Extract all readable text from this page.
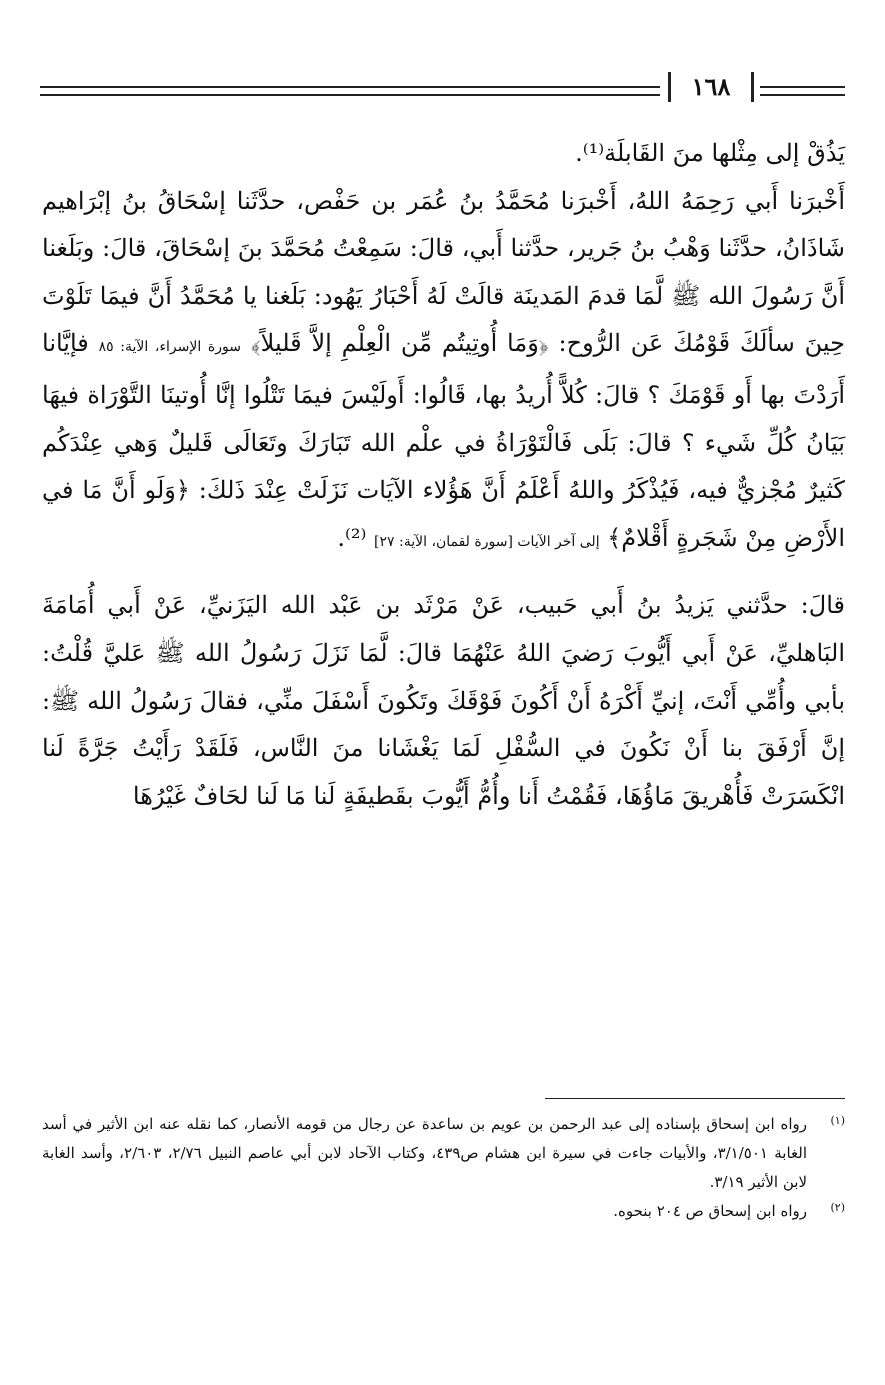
١٦٨

يَذُقْ إلى مِثْلها منَ القَابلَة⁽¹⁾.

أَخْبرَنا أَبي رَحِمَهُ اللهُ، أَخْبرَنا مُحَمَّدُ بنُ عُمَر بن حَفْص، حدَّثَنا إسْحَاقُ بنُ إبْرَاهيم شَاذَانُ، حدَّثَنا وَهْبُ بنُ جَرير، حدَّثنا أَبي، قالَ: سَمِعْتُ مُحَمَّدَ بنَ إسْحَاقَ، قالَ: وبَلَغنا أَنَّ رَسُولَ الله ﷺ لَّمَا قدمَ المَدينَة قالَتْ لَهُ أَحْبَارُ يَهُود: بَلَغنا يا مُحَمَّدُ أَنَّ فيمَا تَلَوْتَ حِينَ سألَكَ قَوْمُكَ عَن الرُّوح: ﴿وَمَا أُوتِيتُم مِّن الْعِلْمِ إلاَّ قَليلاً﴾ سورة الإسراء، الآية: ٨٥ فإيَّانا أَرَدْتَ بها أَو قَوْمَكَ ؟ قالَ: كُلاًّ أُريدُ بها، قَالُوا: أَولَيْسَ فيمَا تَتْلُوا إنَّا أُوتينَا التَّوْرَاة فيهَا بَيَانُ كُلِّ شَيء ؟ قالَ: بَلَى فَالْتَوْرَاةُ في علْم الله تَبَارَكَ وتَعَالَى قَليلٌ وَهي عِنْدَكُم كَثيرٌ مُجْزيٌّ فيه، فَيُذْكَرُ واللهُ أَعْلَمُ أَنَّ هَؤُلاء الآيَات نَزَلَتْ عِنْدَ ذَلكَ: ﴿وَلَو أَنَّ مَا في الأَرْضِ مِنْ شَجَرةٍ أَقْلامٌ﴾ إلى آخر الآيات [سورة لقمان، الآية: ٢٧] ⁽²⁾.

قالَ: حدَّثني يَزيدُ بنُ أَبي حَبيب، عَنْ مَرْثَد بن عَبْد الله اليَزَنيِّ، عَنْ أَبي أُمَامَةَ البَاهليِّ، عَنْ أَبي أَيُّوبَ رَضيَ اللهُ عَنْهُمَا قالَ: لَّمَا نَزَلَ رَسُولُ الله ﷺ عَليَّ قُلْتُ: بأبي وأُمِّي أَنْتَ، إنيِّ أَكْرَهُ أَنْ أَكُونَ فَوْقَكَ وتَكُونَ أَسْفَلَ منِّي، فقالَ رَسُولُ الله ﷺ: إنَّ أَرْفَقَ بنا أَنْ نَكُونَ في السُّفْلِ لَمَا يَغْشَانا منَ النَّاس، فَلَقَدْ رَأَيْتُ جَرَّةً لَنا انْكَسَرَتْ فَأُهْريقَ مَاؤُهَا، فَقُمْتُ أَنا وأُمُّ أَيُّوبَ بقَطيفَةٍ لَنا مَا لَنا لحَافٌ غَيْرُهَا

(١)
رواه ابن إسحاق بإسناده إلى عبد الرحمن بن عويم بن ساعدة عن رجال من قومه الأنصار، كما نقله عنه ابن الأثير في أسد الغابة ٣/١/٥٠١، والأبيات جاءت في سيرة ابن هشام ص٤٣٩، وكتاب الآحاد لابن أبي عاصم النبيل ٢/٧٦، ٢/٦٠٣، وأسد الغابة لابن الأثير ٣/١٩.
(٢)
رواه ابن إسحاق ص ٢٠٤ بنحوه.
